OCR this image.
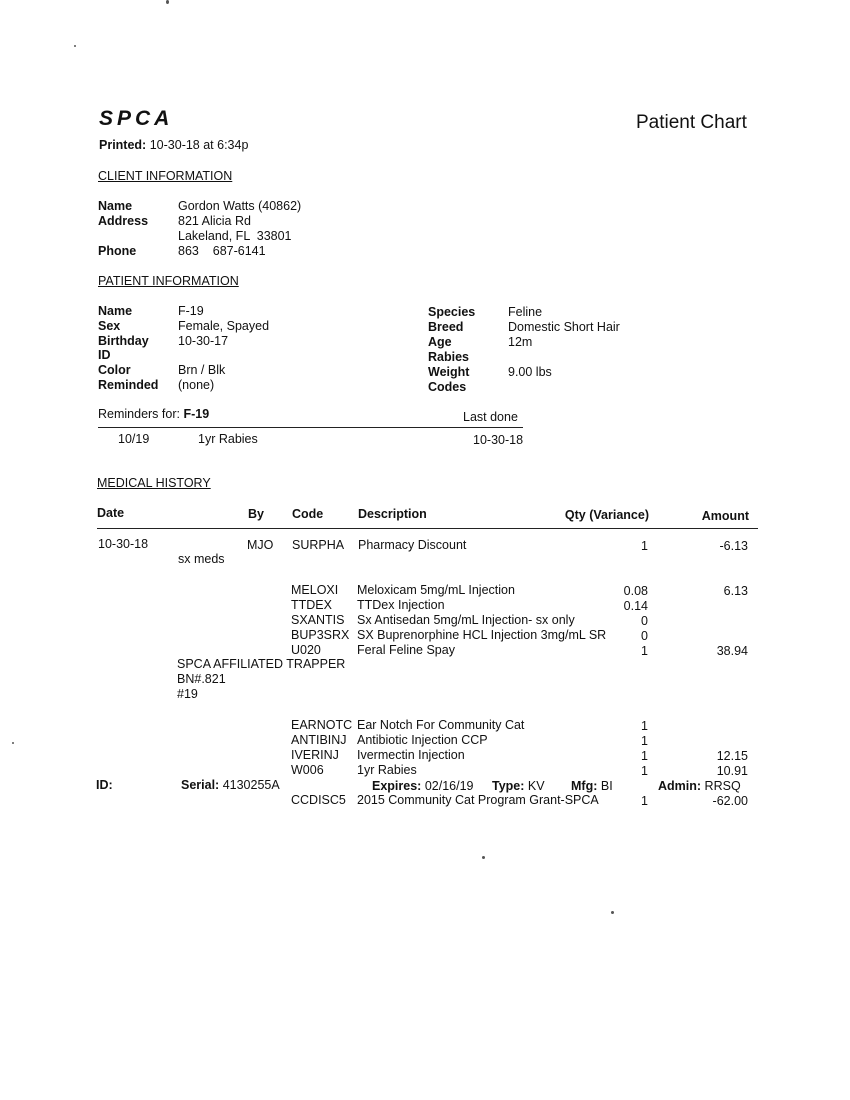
SPCA	Patient Chart
Printed: 10-30-18 at 6:34p
CLIENT INFORMATION
Name	Gordon Watts (40862)
Address 821 Alicia Rd
Lakeland, FL  33801
Phone	863    687-6141
PATIENT INFORMATION
Name	F-19
Sex	Female, Spayed
Birthday 10-30-17
ID
Color	Brn / Blk
Reminded (none)
Species	Feline
Breed	Domestic Short Hair
Age	12m
Rabies
Weight	9.00 lbs
Codes
Reminders for: F-19	Last done
10/19	1yr Rabies	10-30-18
MEDICAL HISTORY
Date	By Code	Description	Qty (Variance)	Amount
10-30-18	MJO SURPHA Pharmacy Discount	1	-6.13
sx meds
MELOXI Meloxicam 5mg/mL Injection	0.08	6.13
TTDEX TTDex Injection	0.14
SXANTIS Sx Antisedan 5mg/mL Injection- sx only	0
BUP3SRX SX Buprenorphine HCL Injection 3mg/mL SR	0
U020	Feral Feline Spay	1	38.94
SPCA AFFILIATED TRAPPER
BN#.821
#19
EARNOTC Ear Notch For Community Cat	1
ANTIBINJ Antibiotic Injection CCP	1
IVERINJ Ivermectin Injection	1	12.15
W006	1yr Rabies	1	10.91
ID:	Serial: 4130255A	Expires: 02/16/19 Type: KV Mfg: BI	Admin: RRSQ
CCDISC5 2015 Community Cat Program Grant-SPCA	1	-62.00
